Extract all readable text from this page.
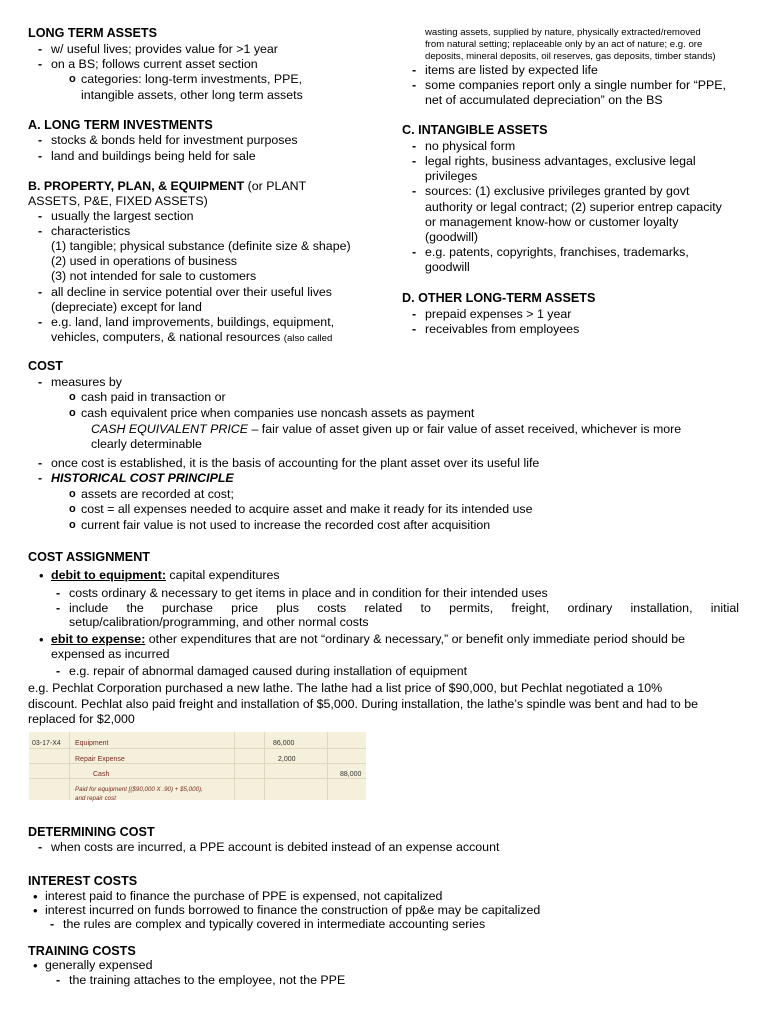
wasting assets, supplied by nature, physically extracted/removed
from natural setting; replaceable only by an act of nature; e.g. ore
deposits, mineral deposits, oil reserves, gas deposits, timber stands)
- items are listed by expected life
- some companies report only a single number for “PPE,
net of accumulated depreciation” on the BS
LONG TERM ASSETS
- w/ useful lives; provides value for >1 year
- on a BS; follows current asset section
o categories: long-term investments, PPE,
intangible assets, other long term assets
A. LONG TERM INVESTMENTS
- stocks & bonds held for investment purposes
- land and buildings being held for sale
B. PROPERTY, PLAN, & EQUIPMENT (or PLANT
ASSETS, P&E, FIXED ASSETS)
- usually the largest section
- characteristics
(1) tangible; physical substance (definite size & shape)
(2) used in operations of business
(3) not intended for sale to customers
- all decline in service potential over their useful lives
(depreciate) except for land
- e.g. land, land improvements, buildings, equipment,
vehicles, computers, & national resources (also called
C. INTANGIBLE ASSETS
- no physical form
- legal rights, business advantages, exclusive legal
privileges
- sources: (1) exclusive privileges granted by govt
authority or legal contract; (2) superior entrep capacity
or management know-how or customer loyalty
(goodwill)
- e.g. patents, copyrights, franchises, trademarks,
goodwill
D. OTHER LONG-TERM ASSETS
- prepaid expenses > 1 year
- receivables from employees
COST
- measures by
o cash paid in transaction or
o cash equivalent price when companies use noncash assets as payment
CASH EQUIVALENT PRICE – fair value of asset given up or fair value of asset received, whichever is more
clearly determinable
- once cost is established, it is the basis of accounting for the plant asset over its useful life
- HISTORICAL COST PRINCIPLE
o assets are recorded at cost;
o cost = all expenses needed to acquire asset and make it ready for its intended use
o current fair value is not used to increase the recorded cost after acquisition
COST ASSIGNMENT
• debit to equipment: capital expenditures
- costs ordinary & necessary to get items in place and in condition for their intended uses
- include the purchase price plus costs related to permits, freight, ordinary installation, initial
setup/calibration/programming, and other normal costs
• ebit to expense: other expenditures that are not “ordinary & necessary,” or benefit only immediate period should be
expensed as incurred
- e.g. repair of abnormal damaged caused during installation of equipment
e.g. Pechlat Corporation purchased a new lathe. The lathe had a list price of $90,000, but Pechlat negotiated a 10%
discount. Pechlat also paid freight and installation of $5,000. During installation, the lathe’s spindle was bent and had to be
replaced for $2,000
03-17-X4 Equipment	86,000
Repair Expense	2,000
Cash	88,000
Paid for equipment [($90,000 X .90) + $5,000),
and repair cost
DETERMINING COST
- when costs are incurred, a PPE account is debited instead of an expense account
INTEREST COSTS
• interest paid to finance the purchase of PPE is expensed, not capitalized
• interest incurred on funds borrowed to finance the construction of pp&e may be capitalized
- the rules are complex and typically covered in intermediate accounting series
TRAINING COSTS
• generally expensed
- the training attaches to the employee, not the PPE
